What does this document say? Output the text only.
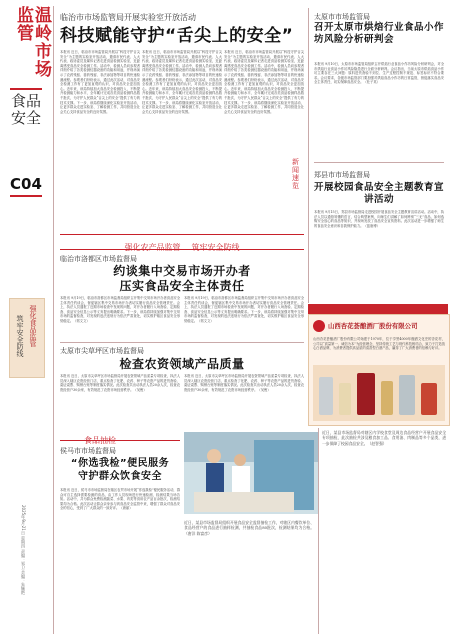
温岭市场监管
食品安全
C04
强化食品监管
筑牢安全防线
2025年9月21日 星期四 责编：邹卫 美编：朱毓艳
临治市市场监管局开展实验室开放活动
科技赋能守护“舌尖上的安全”
本报讯 近日，临治市市场监管局开展以“科技守护舌尖安全”为主题的实验室开放活动，邀请市民代表、人大代表、政协委员及媒体记者走进食品检测实验室，近距离感受食品安全检测工作。活动中，检测人员向参观者详细介绍了各类检测仪器设备的功能和用途，并现场演示了农药残留、兽药残留、非法添加物等项目的快速检测流程。参观者们纷纷表示，通过此次活动，对食品安全检测工作有了更加直观的认识，对食品安全更加放心。近年来，该局持续加大食品安全检测投入，不断提升检测能力和水平，全年累计完成各类食品检测样品数千批次，为守护人民群众“舌尖上的安全”提供了有力的技术支撑。下一步，该局将继续深化实验室开放活动，让更多群众走进实验室、了解检测工作，共同营造全社会关心支持食品安全的良好氛围。
本报讯 近日，临治市市场监管局开展以“科技守护舌尖安全”为主题的实验室开放活动，邀请市民代表、人大代表、政协委员及媒体记者走进食品检测实验室，近距离感受食品安全检测工作。活动中，检测人员向参观者详细介绍了各类检测仪器设备的功能和用途，并现场演示了农药残留、兽药残留、非法添加物等项目的快速检测流程。参观者们纷纷表示，通过此次活动，对食品安全检测工作有了更加直观的认识，对食品安全更加放心。近年来，该局持续加大食品安全检测投入，不断提升检测能力和水平，全年累计完成各类食品检测样品数千批次，为守护人民群众“舌尖上的安全”提供了有力的技术支撑。下一步，该局将继续深化实验室开放活动，让更多群众走进实验室、了解检测工作，共同营造全社会关心支持食品安全的良好氛围。
本报讯 近日，临治市市场监管局开展以“科技守护舌尖安全”为主题的实验室开放活动，邀请市民代表、人大代表、政协委员及媒体记者走进食品检测实验室，近距离感受食品安全检测工作。活动中，检测人员向参观者详细介绍了各类检测仪器设备的功能和用途，并现场演示了农药残留、兽药残留、非法添加物等项目的快速检测流程。参观者们纷纷表示，通过此次活动，对食品安全检测工作有了更加直观的认识，对食品安全更加放心。近年来，该局持续加大食品安全检测投入，不断提升检测能力和水平，全年累计完成各类食品检测样品数千批次，为守护人民群众“舌尖上的安全”提供了有力的技术支撑。下一步，该局将继续深化实验室开放活动，让更多群众走进实验室、了解检测工作，共同营造全社会关心支持食品安全的良好氛围。
太原市市场监管局
召开太原市烘焙行业食品小作坊风险分析研判会
本报讯 9月10日，太原市市场监管局组织召开烘焙行业食品小作坊风险分析研判会，对全市烘焙行业食品小作坊风险隐患进行全面分析研判。会议指出，当前太原市烘焙食品小作坊主要存在三大问题：原料进货查验不到位、生产过程控制不规范、标签标识不符合要求。会议要求，各级市场监管部门要加强对烘焙食品小作坊的日常监管，督促落实食品安全主体责任，切实保障食品安全。（杜子英）
新闻速览
郑县市市场监督局
开展校园食品安全主题教育宣讲活动
本报讯 9月15日，郑县市场监督局走进校园开展食品安全主题教育宣讲活动。活动中，执法人员以通俗易懂的语言，结合典型案例，向师生们讲解了如何辨别“三无”食品、如何选购安全放心的食品等知识，并现场发放了食品安全宣传资料。此次活动进一步增强了师生的食品安全意识和自我保护能力。（蓝唐博）
强化农产品监管 筑牢安全防线
临治市洛都区市场监督局
约谈集中交易市场开办者
压实食品安全主体责任
本报讯 9月19日，临治市洛都区市场监督局组织召开集中交易市场开办者食品安全主体责任约谈会，督促辖区集中交易市场开办者切实履行食品安全管理责任。会上，执法人员通报了近期市场检查中发现的问题，对开办者履行入场查验、定期检查、食品安全信息公示等义务提出明确要求。下一步，该局将持续加强对集中交易市场的监督检查，对发现的违法违规行为依法严肃查处，切实维护辖区食品安全形势稳定。（郭文文）
本报讯 9月19日，临治市洛都区市场监督局组织召开集中交易市场开办者食品安全主体责任约谈会，督促辖区集中交易市场开办者切实履行食品安全管理责任。会上，执法人员通报了近期市场检查中发现的问题，对开办者履行入场查验、定期检查、食品安全信息公示等义务提出明确要求。下一步，该局将持续加强对集中交易市场的监督检查，对发现的违法违规行为依法严肃查处，切实维护辖区食品安全形势稳定。（郭文文）
太原市尖草坪区市场监督局
检查农资领域产品质量
本报讯 近日，太原市尖草坪区市场监督局开展农资领域产品质量专项检查，执法人员深入辖区农资经营门店，重点检查了化肥、农药、种子等农资产品的进货查验、索证索票、购销台账等制度落实情况。此次检查共出动执法人员20余人次，检查农资经营户30余家，有效规范了农资市场经营秩序。（吴俊）
本报讯 近日，太原市尖草坪区市场监督局开展农资领域产品质量专项检查，执法人员深入辖区农资经营门店，重点检查了化肥、农药、种子等农资产品的进货查验、索证索票、购销台账等制度落实情况。此次检查共出动执法人员20余人次，检查农资经营户30余家，有效规范了农资市场经营秩序。（吴俊）
山西杏花荟酿酒厂股份有限公司
山西杏花荟酿酒厂股份有限公司始建于1970年，位于享誉4000年酿酒文化史的杏花村，公司以“质量第一、诚信为本”为经营理念，坚持传统工艺与现代科技相结合，致力于打造放心白酒品牌，为消费者提供高品质的清香型白酒产品，赢得了广大消费者的信赖与好评。
食品抽检
侯马市市场监督局
“你选我检”便民服务
守护群众饮食安全
本报讯 近日，侯马市市场监督局在辖区农贸市场开展“你选我检”便民服务活动，群众可自主选择需要检测的食品，由工作人员现场进行快速检测，检测结果当场告知。活动中，共为群众免费检测蔬菜、水果、肉类等食用农产品百余批次，检测结果均为合格。此次活动让群众亲身参与到食品安全监管中来，增强了群众对食品安全的信心，受到了广大群众的一致好评。（唐丽）
近日，某县市场监督局组织开展食品安全监督抽检工作，对辖区内餐饮单位、食品经营户的食品进行抽样检测，共抽检食品80批次，检测结果均为合格。（唐洋 陈富彦）
近日，某县市场监督局对辖区内学校食堂及周边食品经营户开展食品安全专项抽检，此次抽检共涉及粮食加工品、食用油、肉制品等多个品类，进一步保障了校园食品安全。（赵智强）
